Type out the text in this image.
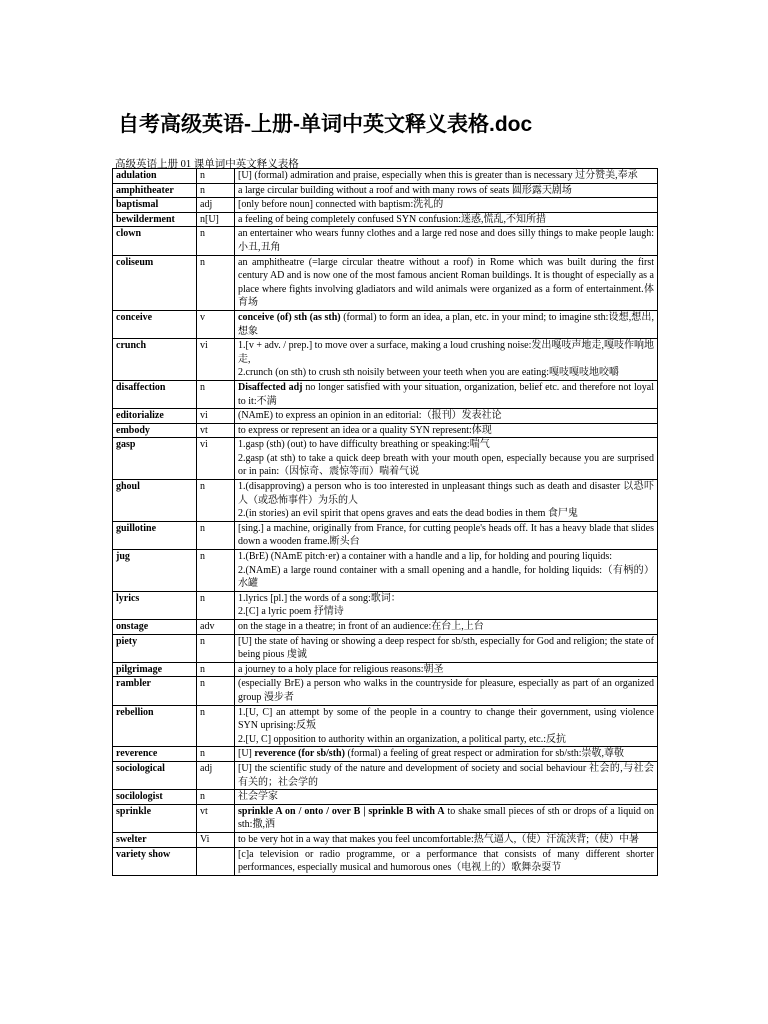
自考高级英语-上册-单词中英文释义表格.doc
高级英语上册 01 课单词中英文释义表格
adulation	n	[U] (formal) admiration and praise, especially when this is greater than is necessary 过分赞美,奉承

amphitheater	n	a large circular building without a roof and with many rows of seats 圆形露天剧场

baptismal	adj	[only before noun] connected with baptism:洗礼的

bewilderment	n[U]	a feeling of being completely confused SYN confusion:迷惑,慌乱,不知所措

clown	n	an entertainer who wears funny clothes and a large red nose and does silly things to make people laugh:小丑,丑角

coliseum	n	an amphitheatre (=large circular theatre without a roof) in Rome which was built during the first century AD and is now one of the most famous ancient Roman buildings. It is thought of especially as a place where fights involving gladiators and wild animals were organized as a form of entertainment.体育场

conceive	v	conceive (of) sth (as sth) (formal) to form an idea, a plan, etc. in your mind; to imagine sth:设想,想出,想象

crunch	vi	1.[v + adv. / prep.] to move over a surface, making a loud crushing noise:发出嘎吱声地走,嘎吱作响地走,
2.crunch (on sth) to crush sth noisily between your teeth when you are eating:嘎吱嘎吱地咬嚼

disaffection	n	Disaffected adj no longer satisfied with your situation, organization, belief etc. and therefore not loyal to it:不满

editorialize	vi	(NAmE) to express an opinion in an editorial:（报刊）发表社论

embody	vt	to express or represent an idea or a quality SYN represent:体现

gasp	vi	1.gasp (sth) (out) to have difficulty breathing or speaking:喘气
2.gasp (at sth) to take a quick deep breath with your mouth open, especially because you are surprised or in pain:（因惊奇、震惊等而）喘着气说

ghoul	n	1.(disapproving) a person who is too interested in unpleasant things such as death and disaster 以恐吓人（或恐怖事件）为乐的人
2.(in stories) an evil spirit that opens graves and eats the dead bodies in them 食尸鬼

guillotine	n	[sing.] a machine, originally from France, for cutting people's heads off. It has a heavy blade that slides down a wooden frame.断头台

jug	n	1.(BrE) (NAmE pitch·er) a container with a handle and a lip, for holding and pouring liquids:
2.(NAmE) a large round container with a small opening and a handle, for holding liquids:（有柄的）水罐

lyrics	n	1.lyrics [pl.] the words of a song:歌词：
2.[C] a lyric poem 抒情诗

onstage	adv	on the stage in a theatre; in front of an audience:在台上,上台

piety	n	[U] the state of having or showing a deep respect for sb/sth, especially for God and religion; the state of being pious 虔诚

pilgrimage	n	a journey to a holy place for religious reasons:朝圣

rambler	n	(especially BrE) a person who walks in the countryside for pleasure, especially as part of an organized group 漫步者

rebellion	n	1.[U, C] an attempt by some of the people in a country to change their government, using violence SYN uprising:反叛
2.[U, C] opposition to authority within an organization, a political party, etc.:反抗

reverence	n	[U] reverence (for sb/sth) (formal) a feeling of great respect or admiration for sb/sth:崇敬,尊敬

sociological	adj	[U] the scientific study of the nature and development of society and social behaviour 社会的,与社会有关的；社会学的

socilologist	n	社会学家

sprinkle	vt	sprinkle A on / onto / over B | sprinkle B with A to shake small pieces of sth or drops of a liquid on sth:撒,洒

swelter	Vi	to be very hot in a way that makes you feel uncomfortable:热气逼人,（使）汗流浃背;（使）中暑

variety show		[c]a television or radio programme, or a performance that consists of many different shorter performances, especially musical and humorous ones（电视上的）歌舞杂耍节
